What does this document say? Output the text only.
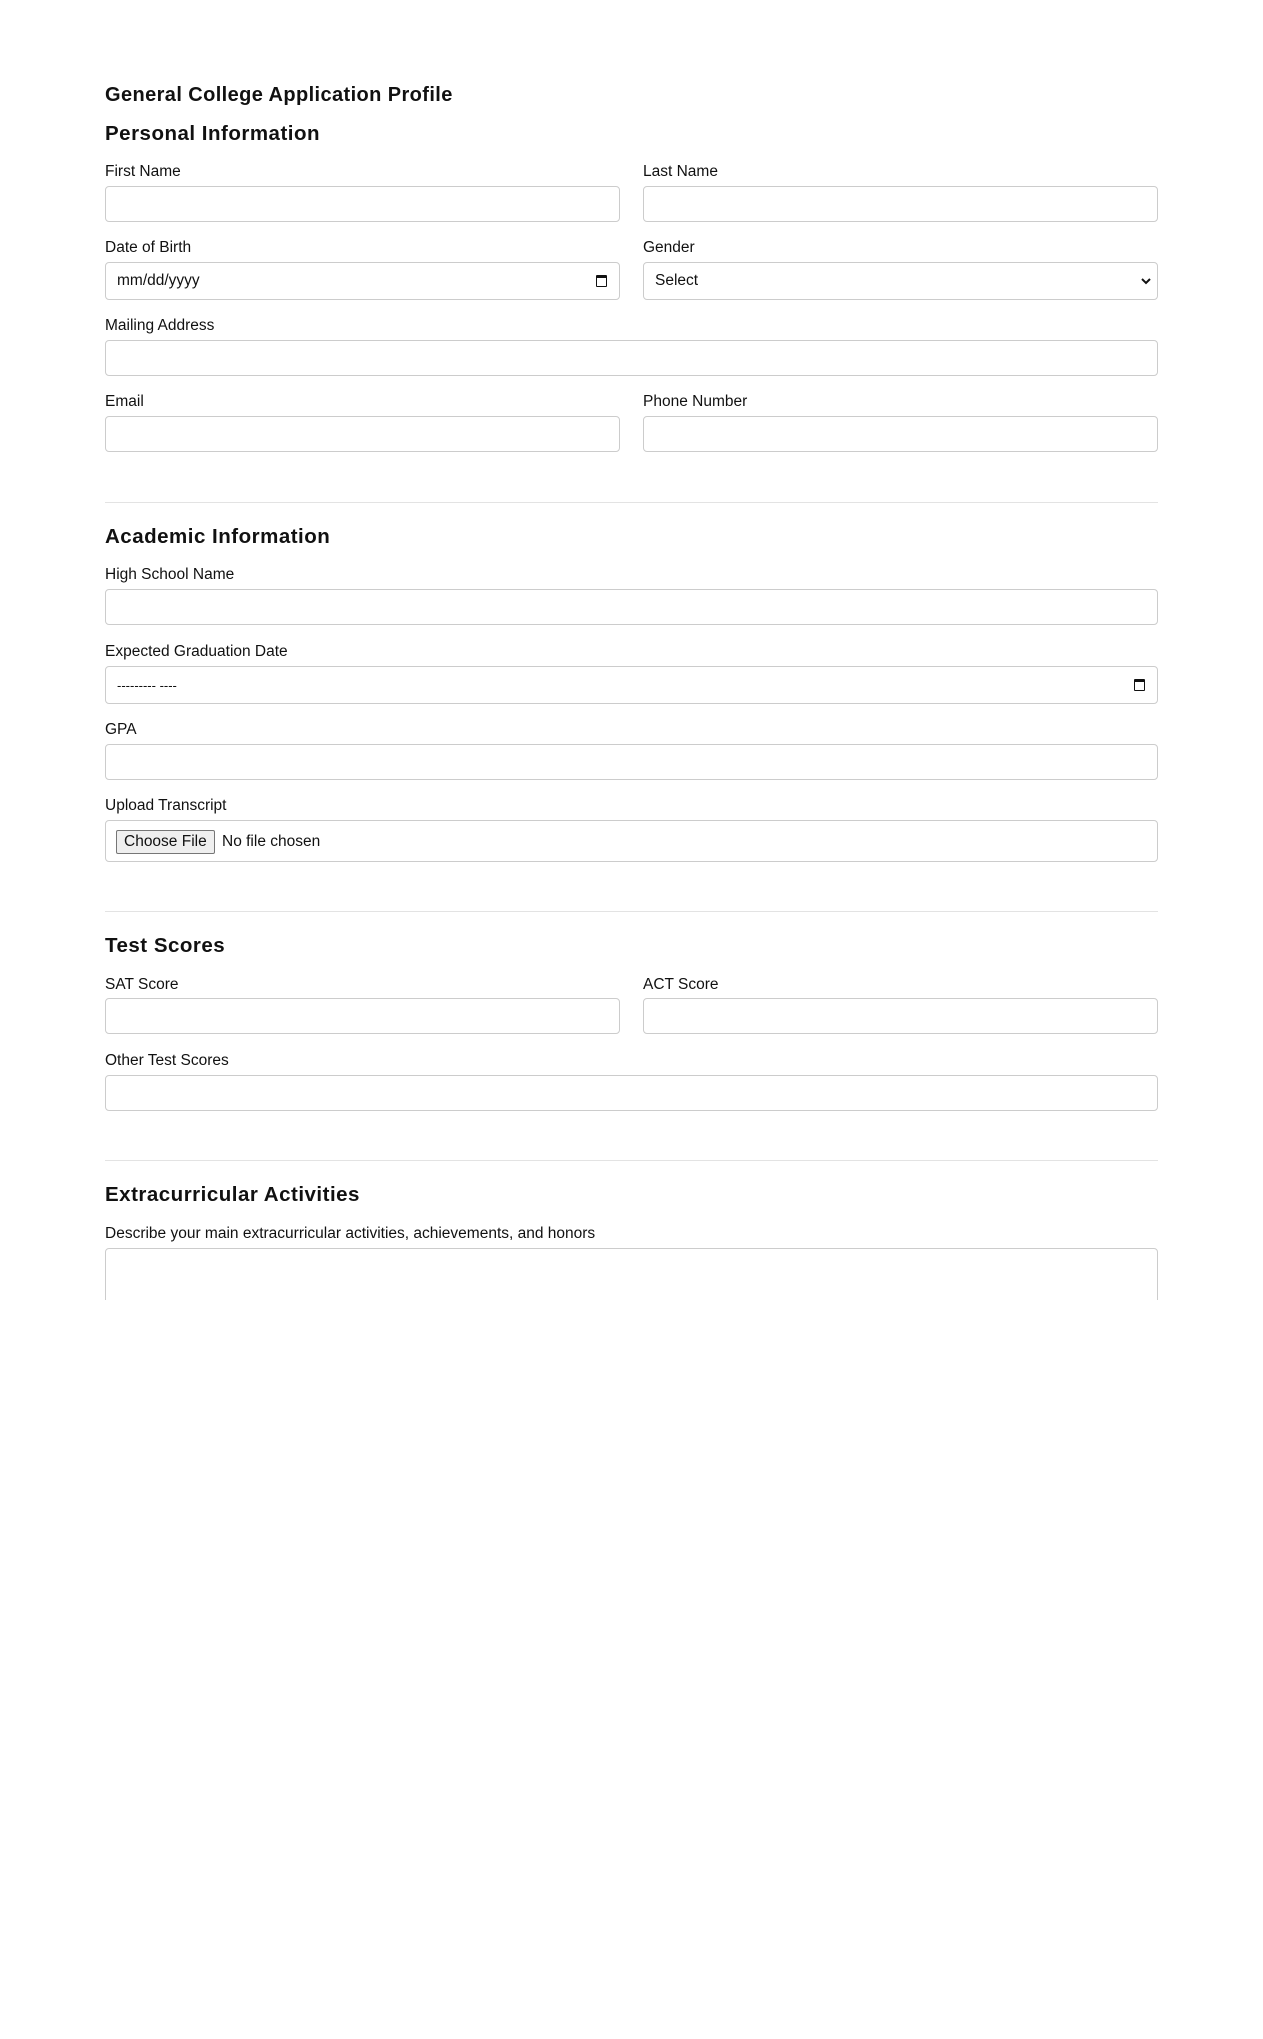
General College Application Profile
Personal Information
First Name	Last Name
Date of Birth
mm/dd/yyyy
Gender
Select
Mailing Address
Email	Phone Number
Academic Information
High School Name
Expected Graduation Date
--------- ----
GPA
Upload Transcript
Choose File No file chosen
Test Scores
SAT Score	ACT Score
Other Test Scores
Extracurricular Activities
Describe your main extracurricular activities, achievements, and honors
